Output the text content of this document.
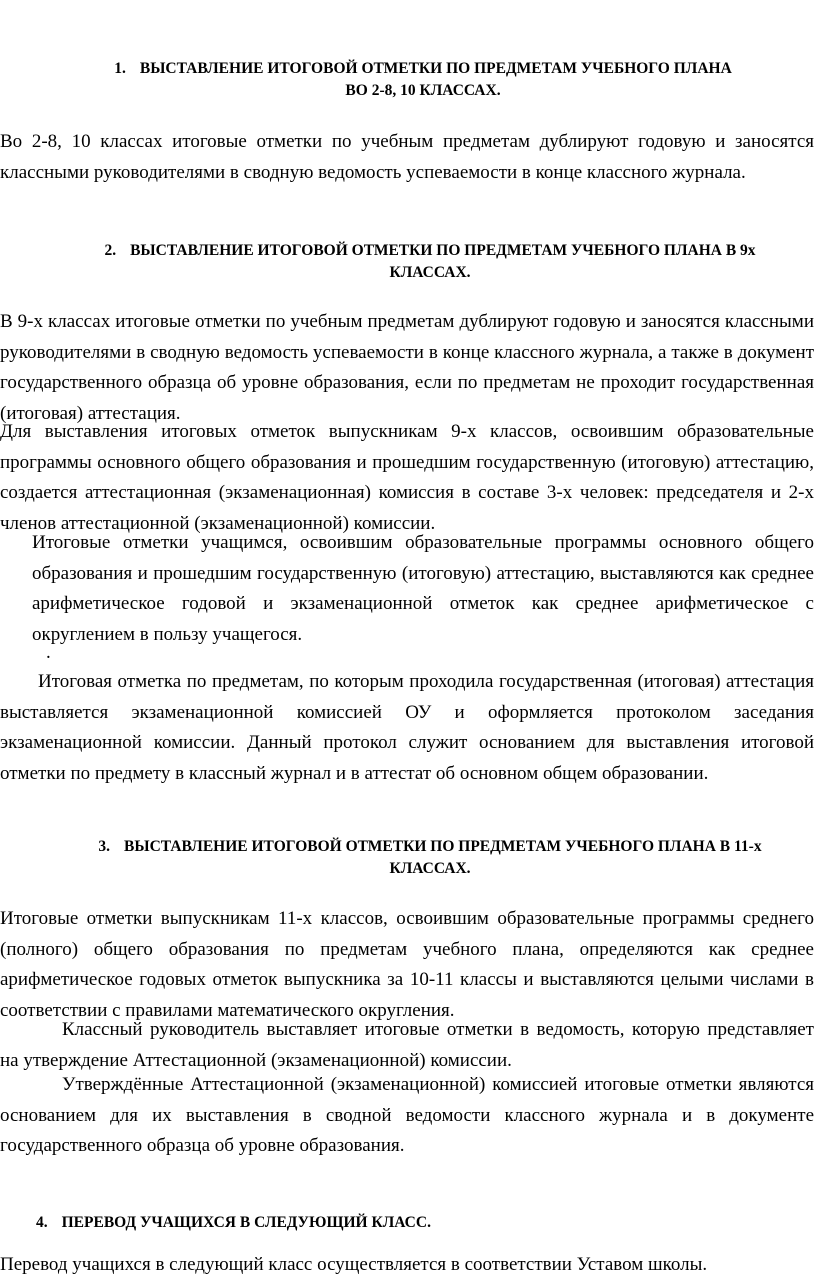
1. ВЫСТАВЛЕНИЕ ИТОГОВОЙ ОТМЕТКИ ПО ПРЕДМЕТАМ УЧЕБНОГО ПЛАНА
ВО 2-8, 10 КЛАССАХ.

Во 2-8, 10 классах итоговые отметки по учебным предметам дублируют годовую и заносятся классными руководителями в сводную ведомость успеваемости в конце классного журнала.

2. ВЫСТАВЛЕНИЕ ИТОГОВОЙ ОТМЕТКИ ПО ПРЕДМЕТАМ УЧЕБНОГО ПЛАНА В 9х
КЛАССАХ.

В 9-х классах итоговые отметки по учебным предметам дублируют годовую и заносятся классными руководителями в сводную ведомость успеваемости в конце классного журнала, а также в документ государственного образца об уровне образования, если по предметам не проходит государственная (итоговая) аттестация.

Для выставления итоговых отметок выпускникам 9-х классов, освоившим образовательные программы основного общего образования и прошедшим государственную (итоговую) аттестацию, создается аттестационная (экзаменационная) комиссия в составе 3-х человек: председателя и 2-х членов аттестационной (экзаменационной) комиссии.

Итоговые отметки учащимся, освоившим образовательные программы основного общего образования и прошедшим государственную (итоговую) аттестацию, выставляются как среднее арифметическое годовой и экзаменационной отметок как среднее арифметическое с округлением в пользу учащегося.

.

Итоговая отметка по предметам, по которым проходила государственная (итоговая) аттестация выставляется экзаменационной комиссией ОУ и оформляется протоколом заседания экзаменационной комиссии. Данный протокол служит основанием для выставления итоговой отметки по предмету в классный журнал и в аттестат об основном общем образовании.

3. ВЫСТАВЛЕНИЕ ИТОГОВОЙ ОТМЕТКИ ПО ПРЕДМЕТАМ УЧЕБНОГО ПЛАНА В 11-х
КЛАССАХ.

Итоговые отметки выпускникам 11-х классов, освоившим образовательные программы среднего (полного) общего образования по предметам учебного плана, определяются как среднее арифметическое годовых отметок выпускника за 10-11 классы и выставляются целыми числами в соответствии с правилами математического округления.

Классный руководитель выставляет итоговые отметки в ведомость, которую представляет на утверждение Аттестационной (экзаменационной) комиссии.

Утверждённые Аттестационной (экзаменационной) комиссией итоговые отметки являются основанием для их выставления в сводной ведомости классного журнала и в документе государственного образца об уровне образования.

4. ПЕРЕВОД УЧАЩИХСЯ В СЛЕДУЮЩИЙ КЛАСС.

Перевод учащихся в следующий класс осуществляется в соответствии Уставом школы.
